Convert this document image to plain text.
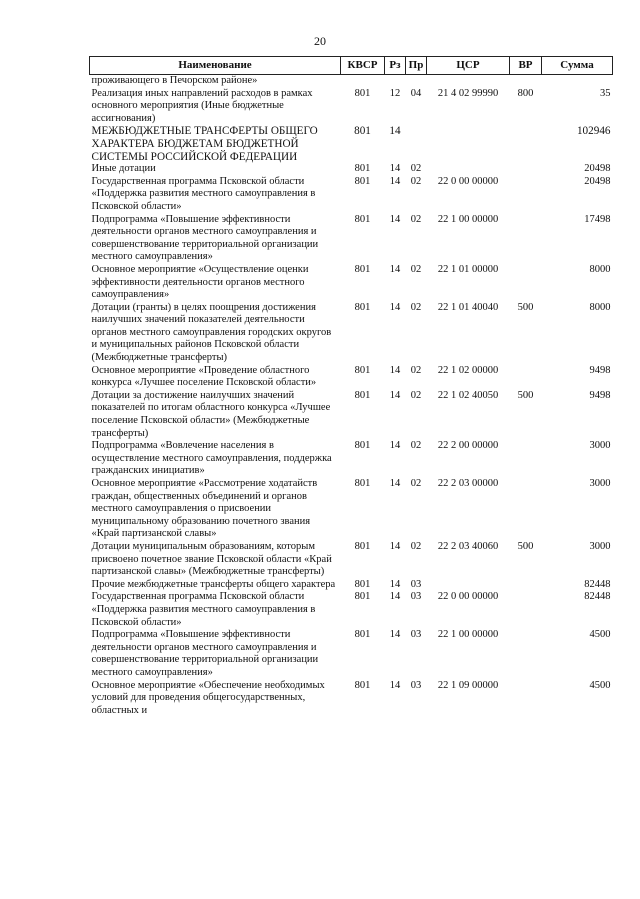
20
Наименование	КВСР	Рз	Пр	ЦСР	ВР	Сумма
проживающего в Печорском районе»						
Реализация иных направлений расходов в рамках основного мероприятия (Иные бюджетные ассигнования)	801	12	04	21 4 02 99990	800	35
МЕЖБЮДЖЕТНЫЕ ТРАНСФЕРТЫ ОБЩЕГО ХАРАКТЕРА БЮДЖЕТАМ БЮДЖЕТНОЙ СИСТЕМЫ РОССИЙСКОЙ ФЕДЕРАЦИИ	801	14				102946
Иные дотации	801	14	02			20498
Государственная программа Псковской области «Поддержка развития местного самоуправления в Псковской области»	801	14	02	22 0 00 00000		20498
Подпрограмма «Повышение эффективности деятельности органов местного самоуправления и совершенствование территориальной организации местного самоуправления»	801	14	02	22 1 00 00000		17498
Основное мероприятие «Осуществление оценки эффективности деятельности органов местного самоуправления»	801	14	02	22 1 01 00000		8000
Дотации (гранты) в целях поощрения достижения наилучших значений показателей деятельности органов местного самоуправления городских округов и муниципальных районов Псковской области (Межбюджетные трансферты)	801	14	02	22 1 01 40040	500	8000
Основное мероприятие «Проведение областного конкурса «Лучшее поселение Псковской области»	801	14	02	22 1 02 00000		9498
Дотации за достижение наилучших значений показателей по итогам областного конкурса «Лучшее поселение Псковской области» (Межбюджетные трансферты)	801	14	02	22 1 02 40050	500	9498
Подпрограмма «Вовлечение населения в осуществление местного самоуправления, поддержка гражданских инициатив»	801	14	02	22 2 00 00000		3000
Основное мероприятие «Рассмотрение ходатайств граждан, общественных объединений и органов местного самоуправления о присвоении муниципальному образованию почетного звания «Край партизанской славы»	801	14	02	22 2 03 00000		3000
Дотации муниципальным образованиям, которым присвоено почетное звание Псковской области «Край партизанской славы» (Межбюджетные трансферты)	801	14	02	22 2 03 40060	500	3000
Прочие межбюджетные трансферты общего характера	801	14	03			82448
Государственная программа Псковской области «Поддержка развития местного самоуправления в Псковской области»	801	14	03	22 0 00 00000		82448
Подпрограмма «Повышение эффективности деятельности органов местного самоуправления и совершенствование территориальной организации местного самоуправления»	801	14	03	22 1 00 00000		4500
Основное мероприятие «Обеспечение необходимых условий для проведения общегосударственных, областных и	801	14	03	22 1 09 00000		4500
